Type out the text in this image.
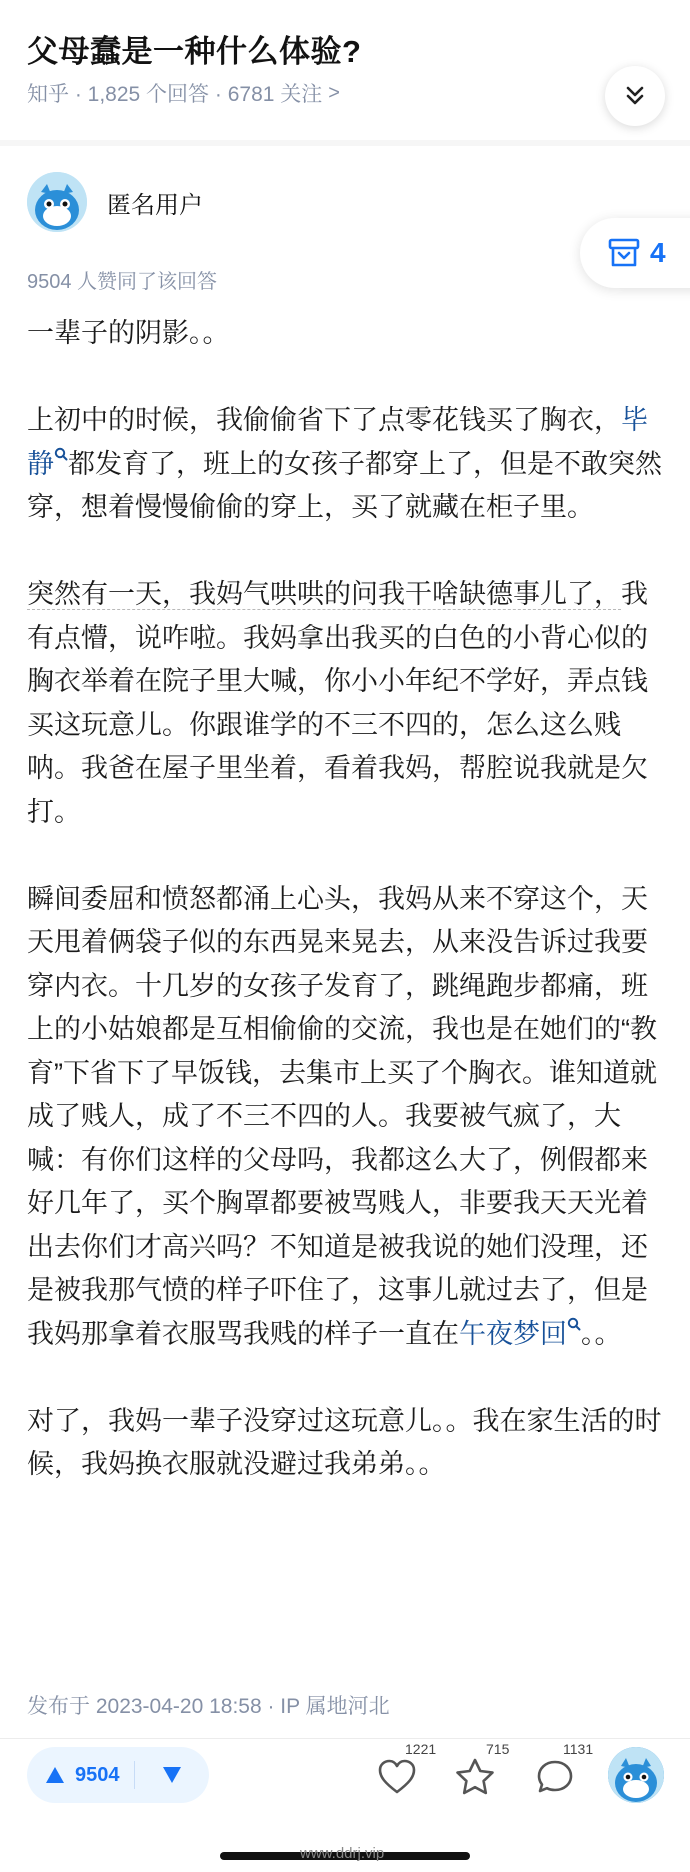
父母蠢是一种什么体验?
知乎 · 1,825 个回答 · 6781 关注 >
匿名用户
4
9504 人赞同了该回答

一辈子的阴影。。

上初中的时候，我偷偷省下了点零花钱买了胸衣，毕静 都发育了，班上的女孩子都穿上了，但是不敢突然穿，想着慢慢偷偷的穿上，买了就藏在柜子里。

突然有一天，我妈气哄哄的问我干啥缺德事儿了，我有点懵，说咋啦。我妈拿出我买的白色的小背心似的胸衣举着在院子里大喊，你小小年纪不学好，弄点钱买这玩意儿。你跟谁学的不三不四的，怎么这么贱呐。我爸在屋子里坐着，看着我妈，帮腔说我就是欠打。

瞬间委屈和愤怒都涌上心头，我妈从来不穿这个，天天甩着俩袋子似的东西晃来晃去，从来没告诉过我要穿内衣。十几岁的女孩子发育了，跳绳跑步都痛，班上的小姑娘都是互相偷偷的交流，我也是在她们的“教育”下省下了早饭钱，去集市上买了个胸衣。谁知道就成了贱人，成了不三不四的人。我要被气疯了，大喊：有你们这样的父母吗，我都这么大了，例假都来好几年了，买个胸罩都要被骂贱人，非要我天天光着出去你们才高兴吗？不知道是被我说的她们没理，还是被我那气愤的样子吓住了，这事儿就过去了，但是我妈那拿着衣服骂我贱的样子一直在午夜梦回 。。

对了，我妈一辈子没穿过这玩意儿。。我在家生活的时候，我妈换衣服就没避过我弟弟。。

发布于 2023-04-20 18:58 · IP 属地河北
9504
1221	715	1131
www.ddrj.vip
